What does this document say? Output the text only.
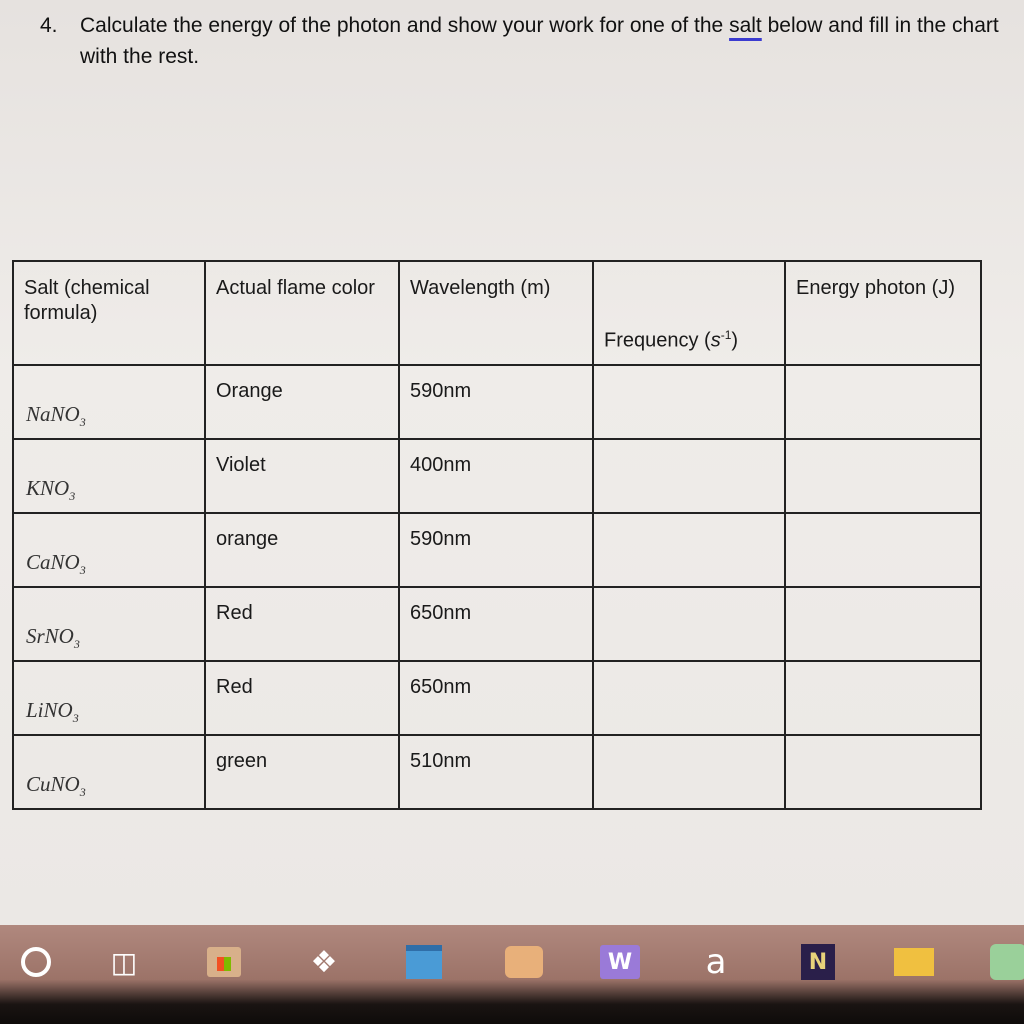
4. Calculate the energy of the photon and show your work for one of the salt below and fill in the chart with the rest.
Salt (chemical formula)	Actual flame color	Wavelength (m)	Frequency $(s^{-1})$	Energy photon (J)

NaNO$_3$	Orange	590nm		

$KNO_3$	Violet	400nm		

CaNO$_3$	orange	590nm		

SrNO$_3$	Red	650nm		

LiNO$_3$	Red	650nm		

CuNO$_3$	green	510nm		

◫	❖	W a	N
